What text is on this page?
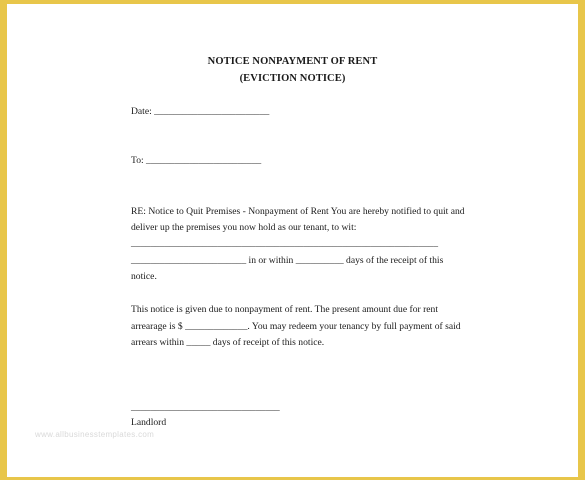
NOTICE NONPAYMENT OF RENT
(EVICTION NOTICE)
Date: ________________________
To: ________________________
RE: Notice to Quit Premises - Nonpayment of Rent You are hereby notified to quit and
deliver up the premises you now hold as our tenant, to wit:
________________________________________________________________
________________________ in or within __________ days of the receipt of this
notice.
This notice is given due to nonpayment of rent. The present amount due for rent
arrearage is $ _____________. You may redeem your tenancy by full payment of said
arrears within _____ days of receipt of this notice.
_______________________________
Landlord
www.allbusinesstemplates.com
